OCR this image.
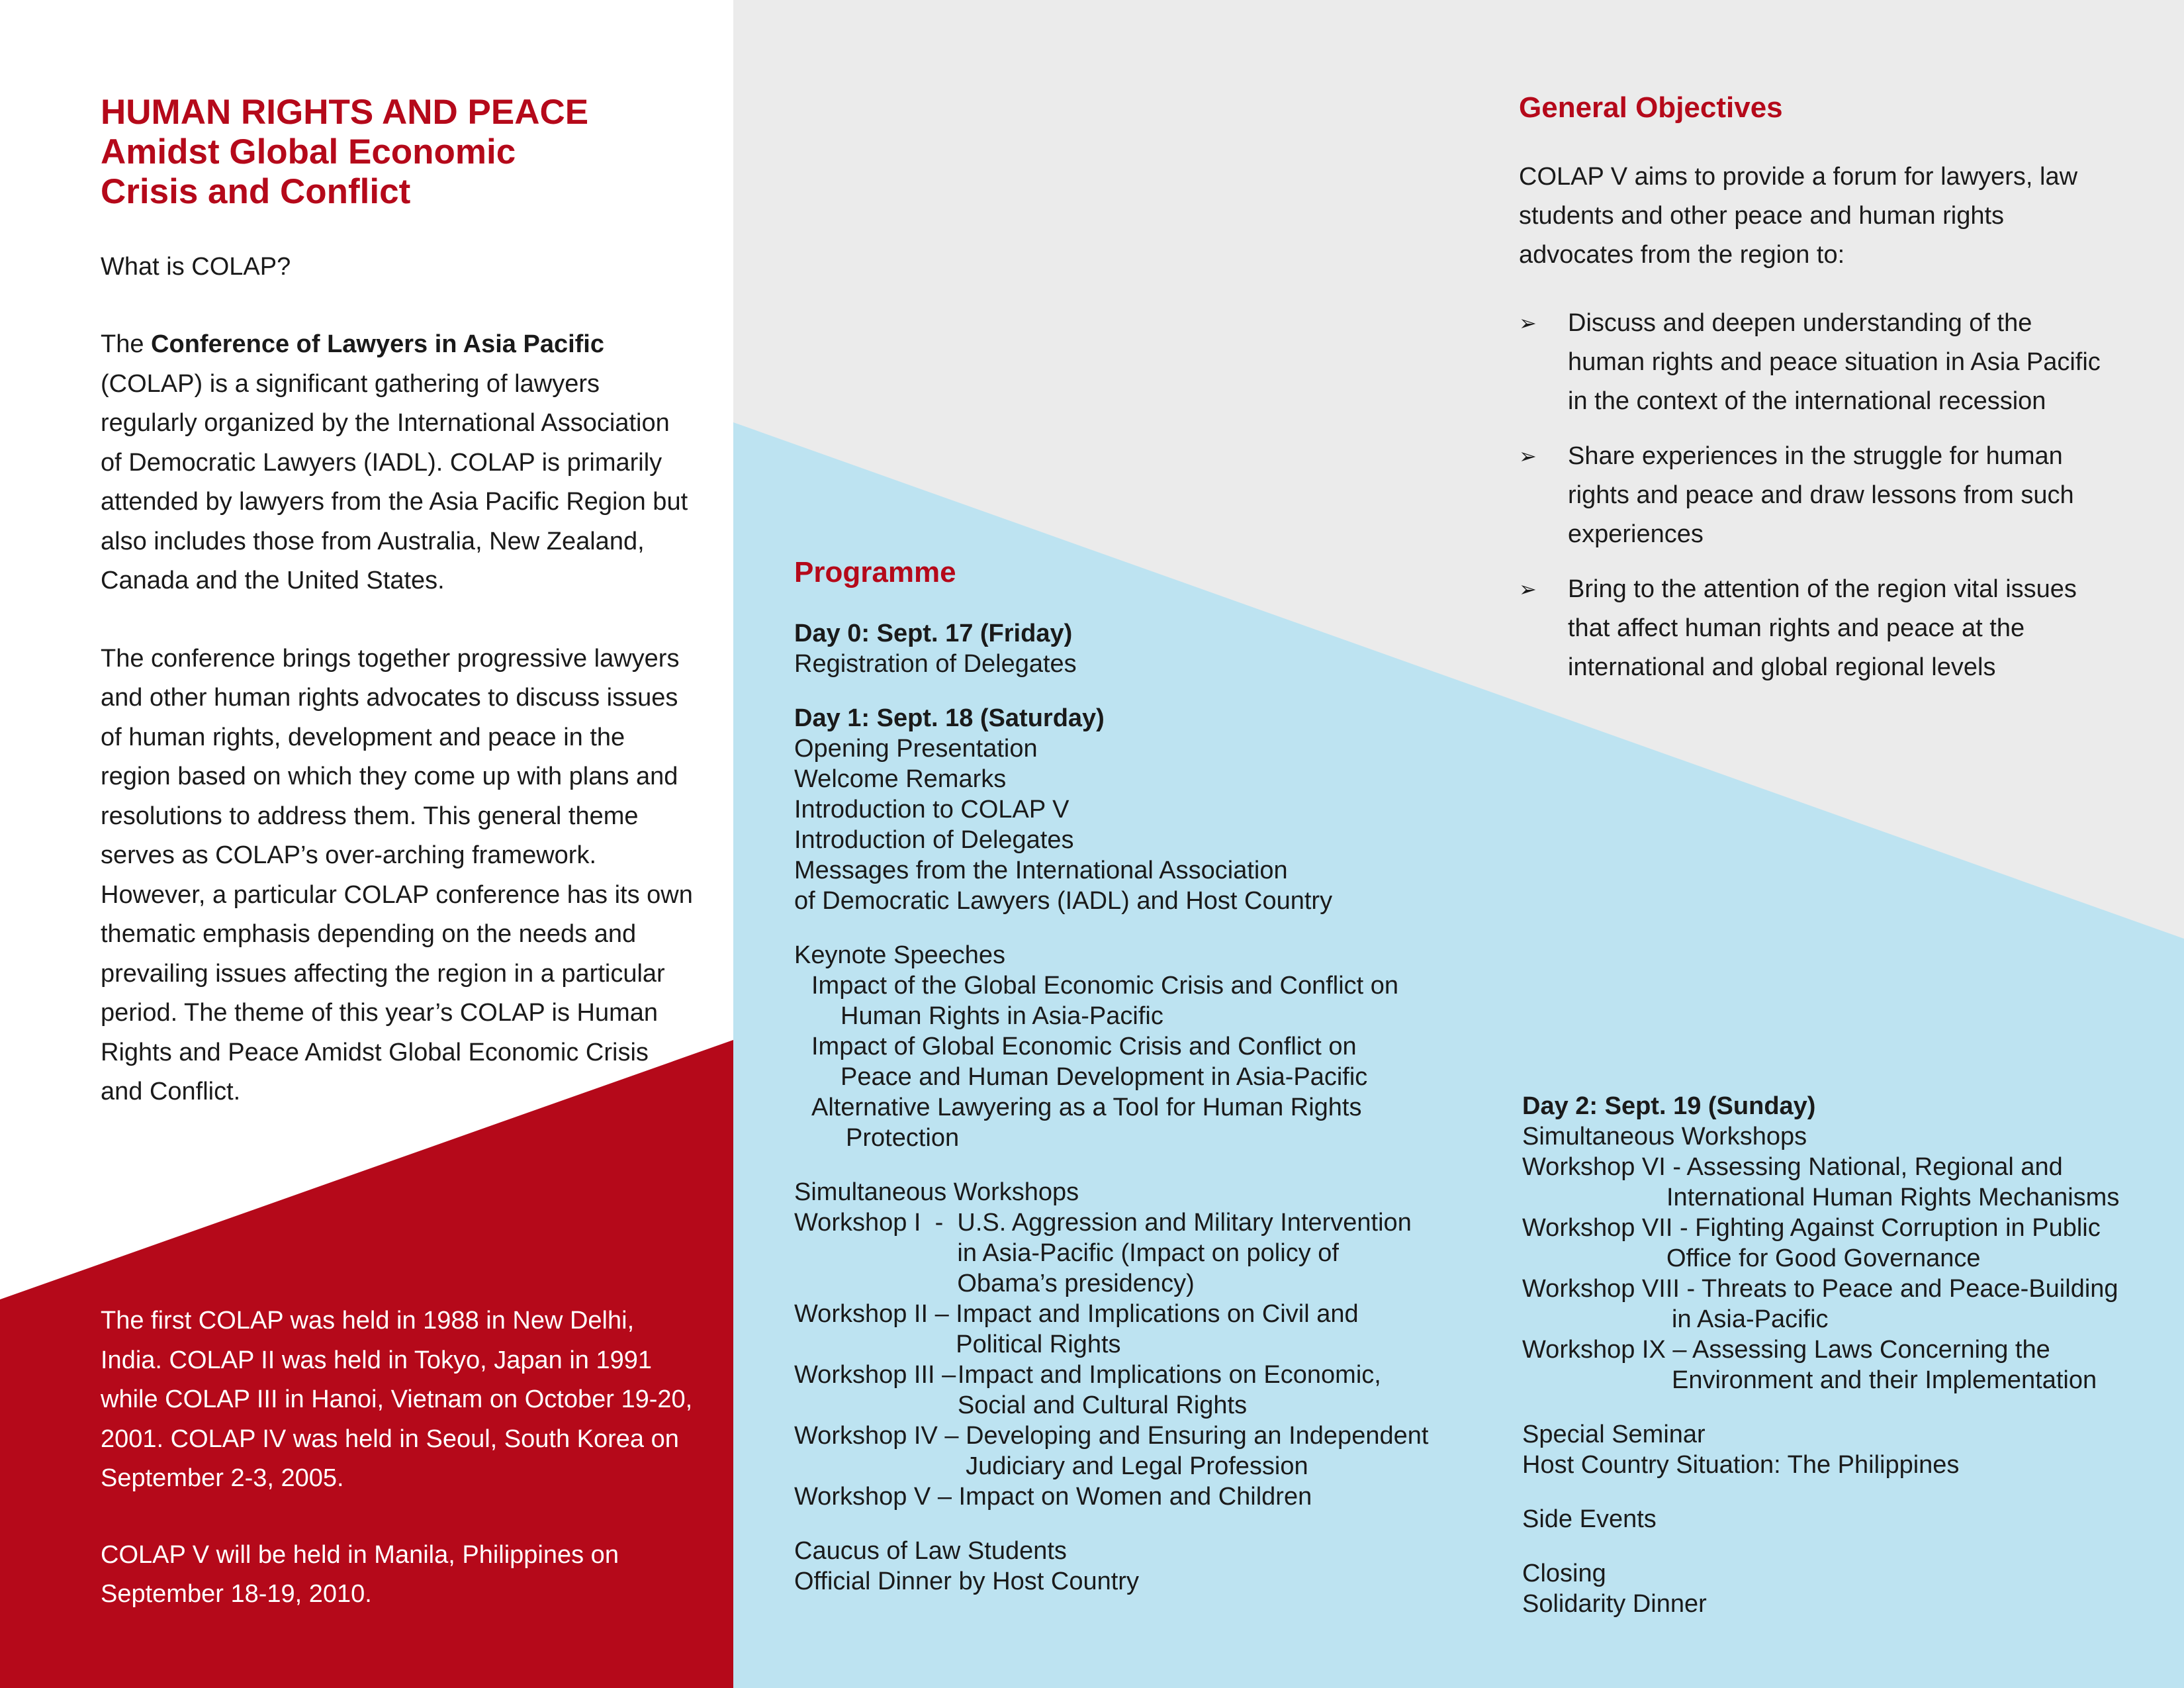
HUMAN RIGHTS AND PEACE
Amidst Global Economic
Crisis and Conflict

What is COLAP?

The Conference of Lawyers in Asia Pacific (COLAP) is a significant gathering of lawyers regularly organized by the International Association of Democratic Lawyers (IADL). COLAP is primarily attended by lawyers from the Asia Pacific Region but also includes those from Australia, New Zealand, Canada and the United States.

The conference brings together progressive lawyers and other human rights advocates to discuss issues of human rights, development and peace in the region based on which they come up with plans and resolutions to address them. This general theme serves as COLAP’s over-arching framework. However, a particular COLAP conference has its own thematic emphasis depending on the needs and prevailing issues affecting the region in a particular period. The theme of this year’s COLAP is Human Rights and Peace Amidst Global Economic Crisis and Conflict.

The first COLAP was held in 1988 in New Delhi, India. COLAP II was held in Tokyo, Japan in 1991 while COLAP III in Hanoi, Vietnam on October 19-20, 2001. COLAP IV was held in Seoul, South Korea on September 2-3, 2005.

COLAP V will be held in Manila, Philippines on September 18-19, 2010.

Programme
Day 0: Sept. 17 (Friday)
Registration of Delegates
Day 1: Sept. 18 (Saturday)
Opening Presentation
Welcome Remarks
Introduction to COLAP V
Introduction of Delegates
Messages from the International Association
of Democratic Lawyers (IADL) and Host Country
Keynote Speeches
Impact of the Global Economic Crisis and Conflict on
Human Rights in Asia-Pacific
Impact of Global Economic Crisis and Conflict on
Peace and Human Development in Asia-Pacific
Alternative Lawyering as a Tool for Human Rights
Protection
Simultaneous Workshops
Workshop I  - U.S. Aggression and Military Intervention
in Asia-Pacific (Impact on policy of
Obama’s presidency)
Workshop II – Impact and Implications on Civil and
Political Rights
Workshop III –
Impact and Implications on Economic,
Social and Cultural Rights
Workshop IV – Developing and Ensuring an Independent
Judiciary and Legal Profession
Workshop V – Impact on Women and Children
Caucus of Law Students
Official Dinner by Host Country
General Objectives

COLAP V aims to provide a forum for lawyers, law students and other peace and human rights advocates from the region to:

➢	Discuss and deepen understanding of the human rights and peace situation in Asia Pacific in the context of the international recession
➢	Share experiences in the struggle for human rights and peace and draw lessons from such experiences
➢	Bring to the attention of the region vital issues that affect human rights and peace at the international and global regional levels
Day 2: Sept. 19 (Sunday)
Simultaneous Workshops
Workshop VI - Assessing National, Regional and
International Human Rights Mechanisms
Workshop VII - Fighting Against Corruption in Public
Office for Good Governance
Workshop VIII - Threats to Peace and Peace-Building
in Asia-Pacific
Workshop IX – Assessing Laws Concerning the
Environment and their Implementation
Special Seminar
Host Country Situation: The Philippines
Side Events
Closing
Solidarity Dinner
